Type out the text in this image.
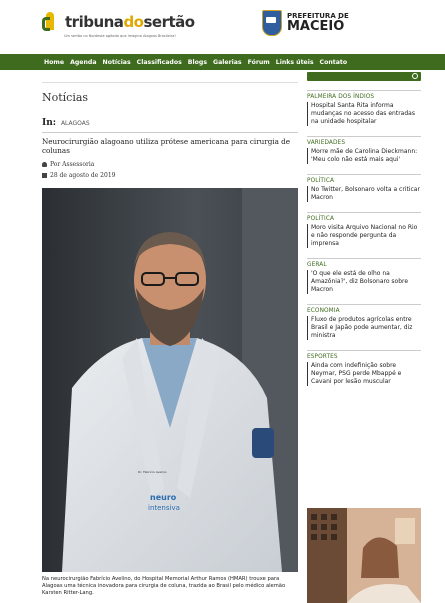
tribunadosertão
Um sertão no Nordeste agitado que imagina Alagoas Brasileira!
PREFEITURA DE
MACEIÓ
Home Agenda Notícias Classificados Blogs Galerias Fórum Links úteis Contato
Notícias
In: ALAGOAS
Neurocirurgião alagoano utiliza prótese americana para cirurgia de colunas
Por Assessoria
28 de agosto de 2019
Dr. Fabrício Avelino
neuro
intensiva
Na neurocirurgião Fabrício Avelino, do Hospital Memorial Arthur Ramos (HMAR) trouxe para Alagoas uma técnica inovadora para cirurgia de coluna, trazida ao Brasil pelo médico alemão Karsten Ritter-Lang.
PALMEIRA DOS ÍNDIOS
Hospital Santa Rita informa mudanças no acesso das entradas na unidade hospitalar
VARIEDADES
Morre mãe de Carolina Dieckmann: 'Meu colo não está mais aqui'
POLÍTICA
No Twitter, Bolsonaro volta a criticar Macron
POLÍTICA
Moro visita Arquivo Nacional no Rio e não responde pergunta da imprensa
GERAL
'O que ele está de olho na Amazônia?', diz Bolsonaro sobre Macron
ECONOMIA
Fluxo de produtos agrícolas entre Brasil e Japão pode aumentar, diz ministra
ESPORTES
Ainda com indefinição sobre Neymar, PSG perde Mbappé e Cavani por lesão muscular
